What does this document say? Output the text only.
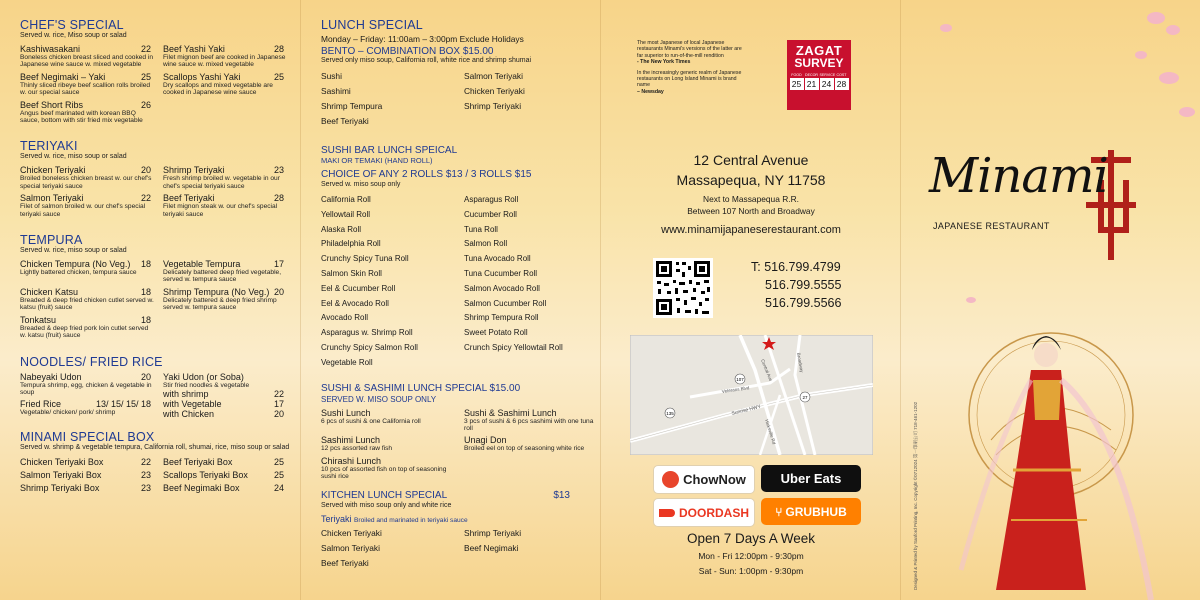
CHEF'S SPECIAL
Served w. rice, Miso soup or salad
Kashiwasakani	22
Boneless chicken breast sliced and cooked in Japanese wine sauce w. mixed vegetable
Beef Yashi Yaki	28
Filet mignon beef are cooked in Japanese wine sauce w. mixed vegetable
Beef Negimaki – Yaki	25
Thinly sliced ribeye beef scallion rolls broiled w. our special sauce
Scallops Yashi Yaki	25
Dry scallops and mixed vegetable are cooked in Japanese wine sauce
Beef Short Ribs	26
Angus beef marinated with korean BBQ sauce, bottom with stir fried mix vegetable
TERIYAKI
Served w. rice, miso soup or salad
Chicken Teriyaki	20
Broiled boneless chicken breast w. our chef's special teriyaki sauce
Shrimp Teriyaki	23
Fresh shrimp broiled w. vegetable in our chef's special teriyaki sauce
Salmon Teriyaki	22
Filet of salmon broiled w. our chef's special teriyaki sauce
Beef Teriyaki	28
Filet mignon steak w. our chef's special teriyaki sauce
TEMPURA
Served w. rice, miso soup or salad
Chicken Tempura (No Veg.) 18
Lightly battered chicken, tempura sauce
Vegetable Tempura	17
Delicately battered deep fried vegetable, served w. tempura sauce
Chicken Katsu	18
Breaded & deep fried chicken cutlet served w. katsu (fruit) sauce
Shrimp Tempura (No Veg.) 20
Delicately battered & deep fried shrimp served w. tempura sauce
Tonkatsu	18
Breaded & deep fried pork loin cutlet served w. katsu (fruit) sauce
NOODLES/ FRIED RICE
Nabeyaki Udon	20
Tempura shrimp, egg, chicken & vegetable in soup
Fried Rice	13/ 15/ 15/ 18
Vegetable/ chicken/ pork/ shrimp
Yaki Udon (or Soba)
Stir fried noodles & vegetable
with shrimp	22
with Vegetable	17
with Chicken	20
MINAMI SPECIAL BOX
Served w. shrimp & vegetable tempura, California roll, shumai, rice, miso soup or salad
Chicken Teriyaki Box	22	Beef Teriyaki Box	25
Salmon Teriyaki Box	23	Scallops Teriyaki Box	25
Shrimp Teriyaki Box	23	Beef Negimaki Box	24
LUNCH SPECIAL
Monday – Friday: 11:00am – 3:00pm Exclude Holidays
BENTO – COMBINATION BOX $15.00
Served only miso soup, California roll, white rice and shrimp shumai
Sushi	Salmon Teriyaki
Sashimi	Chicken Teriyaki
Shrimp Tempura	Shrimp Teriyaki
Beef Teriyaki
SUSHI BAR LUNCH SPEICAL
MAKI OR TEMAKI (HAND ROLL)
CHOICE OF ANY 2 ROLLS $13 / 3 ROLLS $15
Served w. miso soup only
California Roll	Asparagus Roll
Yellowtail Roll	Cucumber Roll
Alaska Roll	Tuna Roll
Philadelphia Roll	Salmon Roll
Crunchy Spicy Tuna Roll	Tuna Avocado Roll
Salmon Skin Roll	Tuna Cucumber Roll
Eel & Cucumber Roll	Salmon Avocado Roll
Eel & Avocado Roll	Salmon Cucumber Roll
Avocado Roll	Shrimp Tempura Roll
Asparagus w. Shrimp Roll	Sweet Potato Roll
Crunchy Spicy Salmon Roll	Crunch Spicy Yellowtail Roll
Vegetable Roll
SUSHI & SASHIMI LUNCH SPECIAL $15.00
SERVED W. MISO SOUP ONLY
Sushi Lunch
6 pcs of sushi & one California roll
Sushi & Sashimi Lunch
3 pcs of sushi & 6 pcs sashimi with one tuna roll
Sashimi Lunch
12 pcs assorted raw fish
Unagi Don
Broiled eel on top of seasoning white rice
Chirashi Lunch
10 pcs of assorted fish on top of seasoning sushi rice
KITCHEN LUNCH SPECIAL	$13
Served with miso soup only and white rice
Teriyaki Broiled and marinated in teriyaki sauce
Chicken Teriyaki	Shrimp Teriyaki
Salmon Teriyaki	Beef Negimaki
Beef Teriyaki
The most Japanese of local Japanese restaurants Minami's versions of the latter are far superior to run-of-the-mill rendition
- The New York Times
In the increasingly generic realm of Japanese restaurants on Long Island Minami is brand name
– Newsday
ZAGAT
SURVEY
FOOD DECOR SERVICE COST
25 21 24 28
12 Central Avenue
Massapequa, NY 11758
Next to Massapequa R.R.
Between 107 North and Broadway
www.minamijapaneserestaurant.com
T: 516.799.4799
516.799.5555
516.799.5566
Sunrise HWY
Veterans Blvd
Central Ave	Broadway
Hicksville Rd
107
135
27
ChowNow	Uber Eats
DOORDASH ⑂ GRUBHUB
Open 7 Days A Week
Mon - Fri 12:00pm - 9:30pm
Sat - Sun: 1:00pm - 9:30pm	Designed & Printed by Sanford Printing, Inc. Copyright ©0712024 第一印刷公司 718-461-1202
Minami
JAPANESE RESTAURANT
